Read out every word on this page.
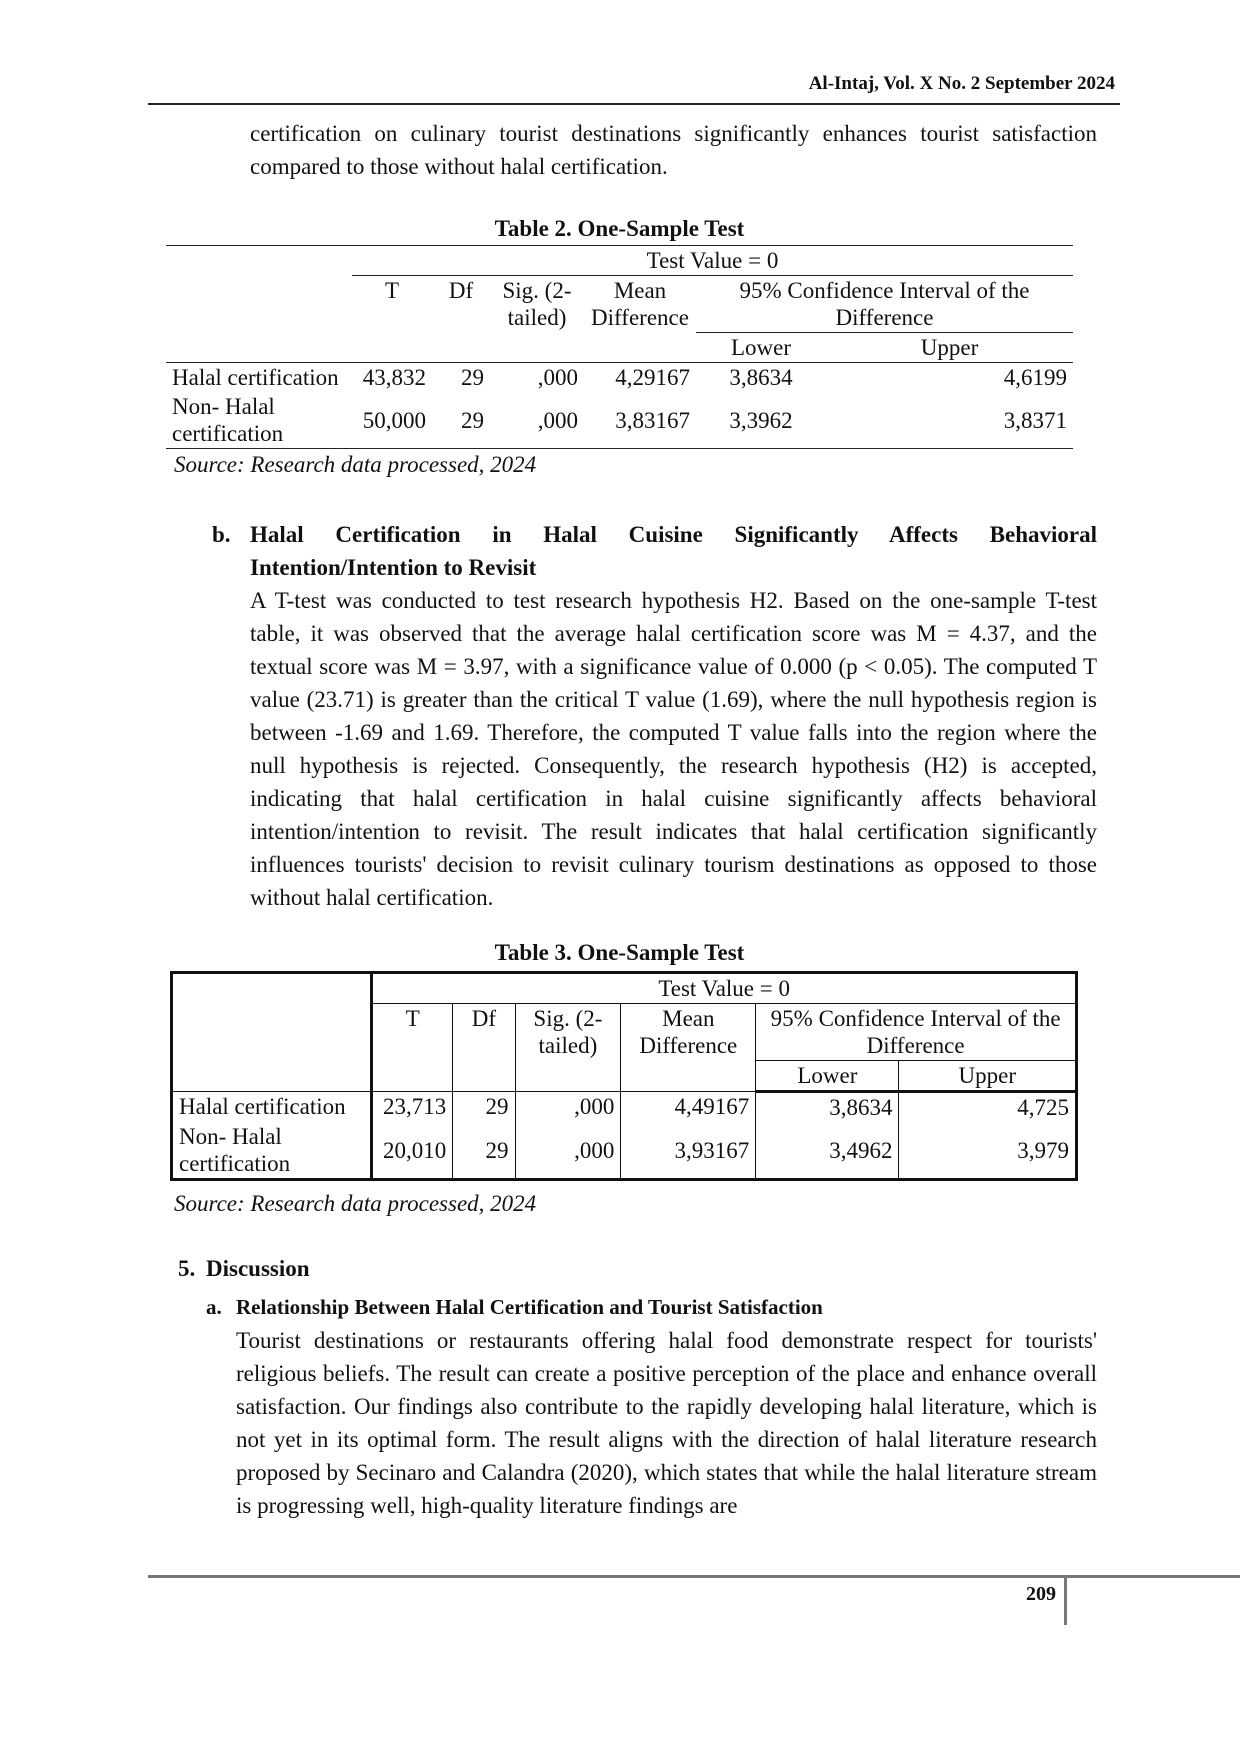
Al-Intaj, Vol. X No. 2 September 2024
certification on culinary tourist destinations significantly enhances tourist satisfaction compared to those without halal certification.
Table 2. One-Sample Test
	Test Value = 0					
	T	Df	Sig. (2-tailed)	Mean Difference	95% Confidence Interval of the Difference	
					Lower	Upper
Halal certification	43,832	29	,000	4,29167	3,8634	4,6199
Non- Halal certification	50,000	29	,000	3,83167	3,3962	3,8371
Source: Research data processed, 2024
b. Halal Certification in Halal Cuisine Significantly Affects Behavioral Intention/Intention to Revisit
A T-test was conducted to test research hypothesis H2. Based on the one-sample T-test table, it was observed that the average halal certification score was M = 4.37, and the textual score was M = 3.97, with a significance value of 0.000 (p < 0.05). The computed T value (23.71) is greater than the critical T value (1.69), where the null hypothesis region is between -1.69 and 1.69. Therefore, the computed T value falls into the region where the null hypothesis is rejected. Consequently, the research hypothesis (H2) is accepted, indicating that halal certification in halal cuisine significantly affects behavioral intention/intention to revisit. The result indicates that halal certification significantly influences tourists' decision to revisit culinary tourism destinations as opposed to those without halal certification.
Table 3. One-Sample Test
	Test Value = 0					
	T	Df	Sig. (2-tailed)	Mean Difference	95% Confidence Interval of the Difference	
					Lower	Upper
Halal certification	23,713	29	,000	4,49167	3,8634	4,725
Non- Halal certification	20,010	29	,000	3,93167	3,4962	3,979
Source: Research data processed, 2024
5. Discussion
a. Relationship Between Halal Certification and Tourist Satisfaction
Tourist destinations or restaurants offering halal food demonstrate respect for tourists' religious beliefs. The result can create a positive perception of the place and enhance overall satisfaction. Our findings also contribute to the rapidly developing halal literature, which is not yet in its optimal form. The result aligns with the direction of halal literature research proposed by Secinaro and Calandra (2020), which states that while the halal literature stream is progressing well, high-quality literature findings are
209
